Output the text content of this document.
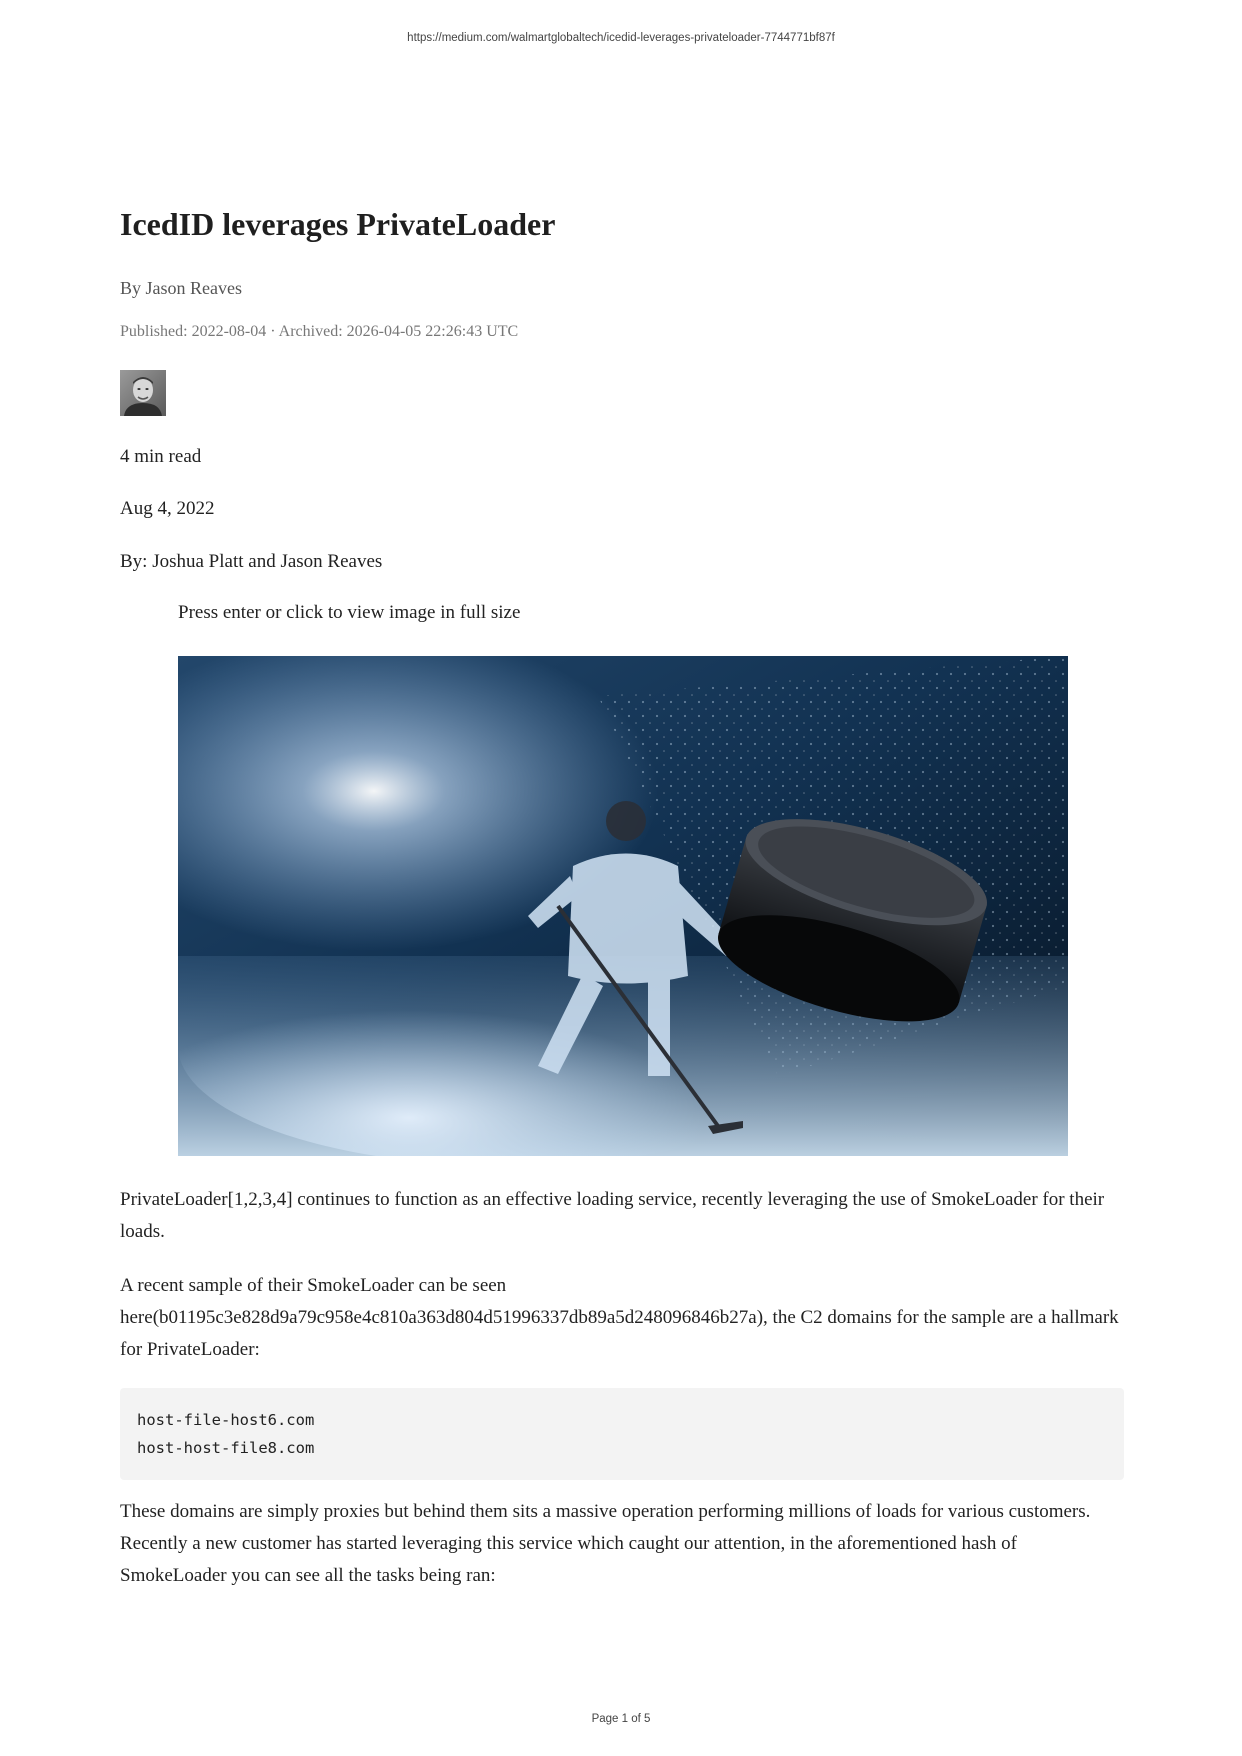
https://medium.com/walmartglobaltech/icedid-leverages-privateloader-7744771bf87f
IcedID leverages PrivateLoader
By Jason Reaves
Published: 2022-08-04 · Archived: 2026-04-05 22:26:43 UTC
4 min read
Aug 4, 2022
By: Joshua Platt and Jason Reaves
Press enter or click to view image in full size
PrivateLoader[1,2,3,4] continues to function as an effective loading service, recently leveraging the use of SmokeLoader for their loads.
A recent sample of their SmokeLoader can be seen here(b01195c3e828d9a79c958e4c810a363d804d51996337db89a5d248096846b27a), the C2 domains for the sample are a hallmark for PrivateLoader:
host-file-host6.com
host-host-file8.com
These domains are simply proxies but behind them sits a massive operation performing millions of loads for various customers. Recently a new customer has started leveraging this service which caught our attention, in the aforementioned hash of SmokeLoader you can see all the tasks being ran:
Page 1 of 5
